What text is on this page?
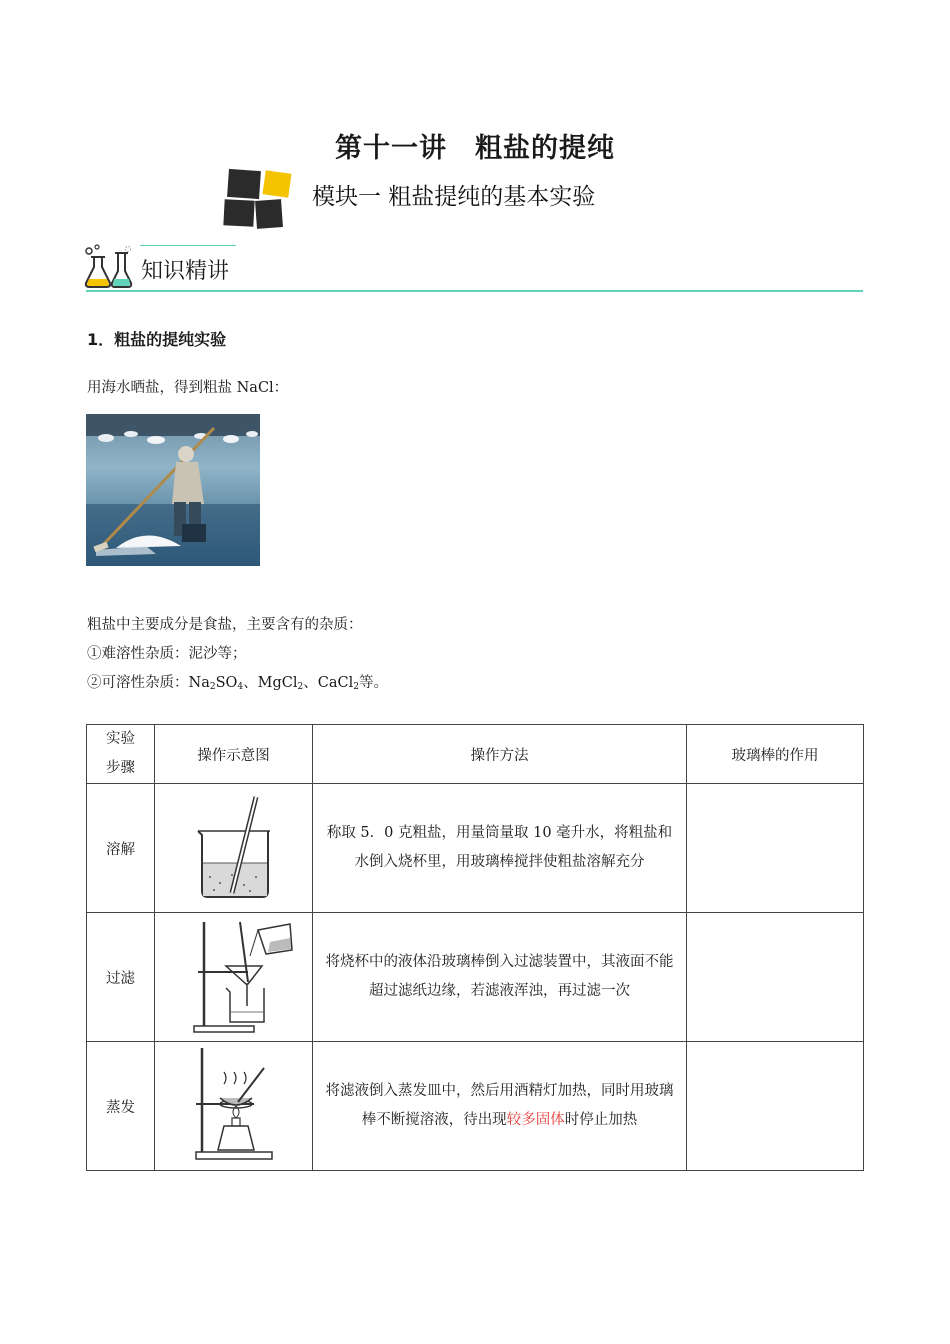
第十一讲　粗盐的提纯
模块一 粗盐提纯的基本实验
知识精讲
1．粗盐的提纯实验
用海水晒盐，得到粗盐 NaCl：
粗盐中主要成分是食盐，主要含有的杂质：
①难溶性杂质：泥沙等；
②可溶性杂质：$Na_2SO_4$、MgCl$_2$、CaCl$_2$等。
实验
步骤	操作示意图	操作方法	玻璃棒的作用
溶解		称取 5．0 克粗盐，用量筒量取 10 毫升水，将粗盐和水倒入烧杯里，用玻璃棒搅拌使粗盐溶解充分	
过滤		将烧杯中的液体沿玻璃棒倒入过滤装置中，其液面不能超过滤纸边缘，若滤液浑浊，再过滤一次	
蒸发		将滤液倒入蒸发皿中，然后用酒精灯加热，同时用玻璃棒不断搅溶液，待出现较多固体时停止加热	
